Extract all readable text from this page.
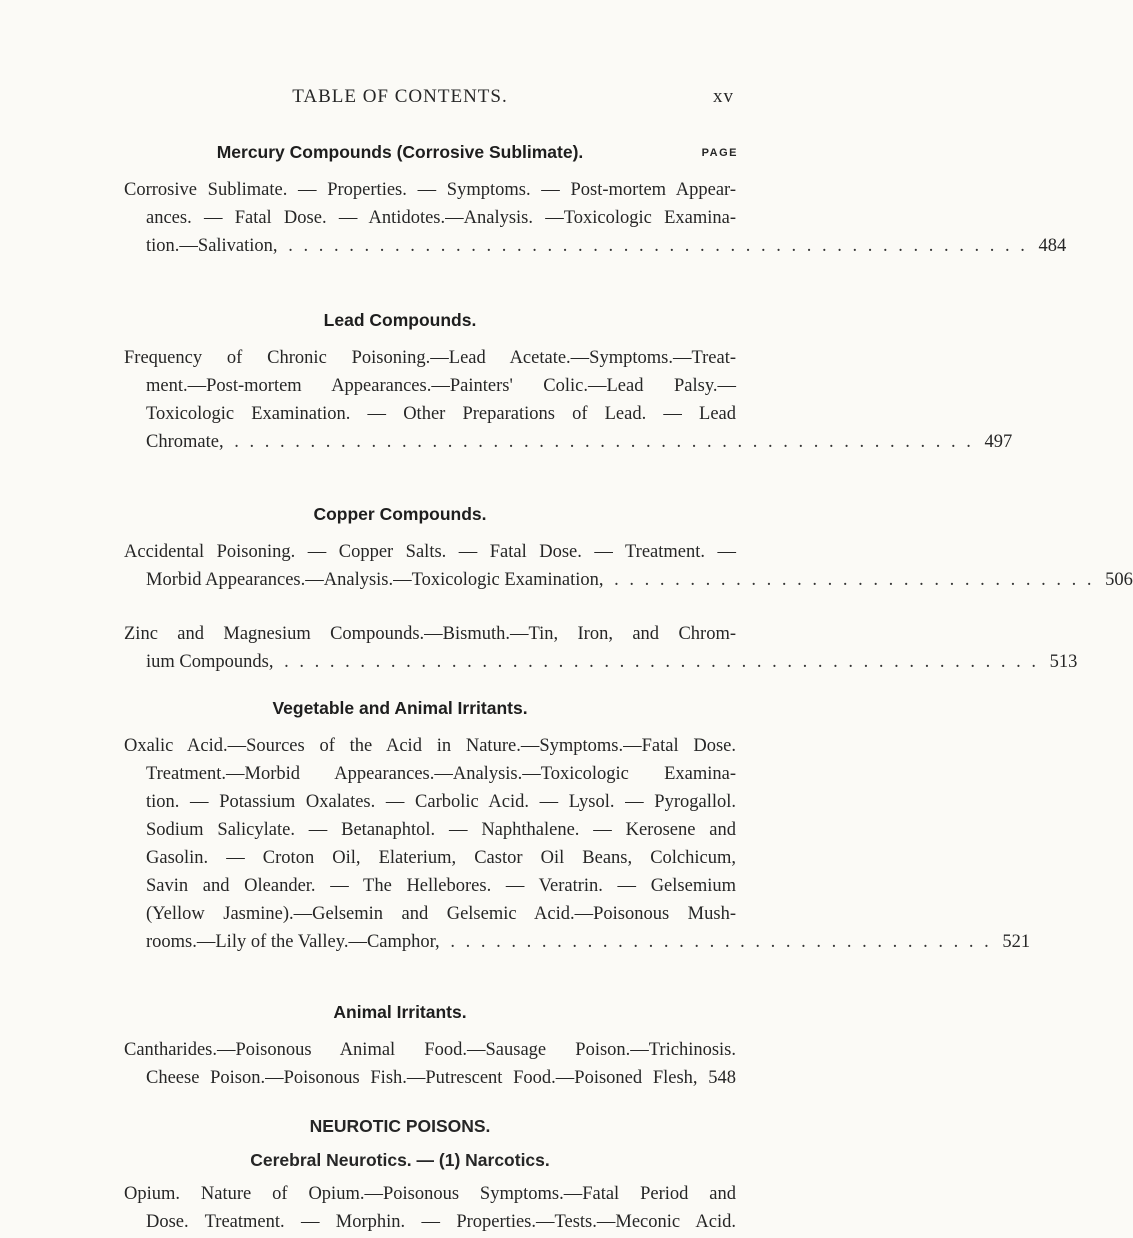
TABLE OF CONTENTS.	xv
Mercury Compounds (Corrosive Sublimate).	PAGE
Corrosive Sublimate. — Properties. — Symptoms. — Post-mortem Appear-
ances. — Fatal Dose. — Antidotes.—Analysis. —Toxicologic Examina-
tion.—Salivation, . . . . . . . . . . . . . . . . . . . . . . . . . . . . . . . . . . . . . . . . . . . . . . . . . 484
Lead Compounds.
Frequency of Chronic Poisoning.—Lead Acetate.—Symptoms.—Treat-
ment.—Post-mortem Appearances.—Painters' Colic.—Lead Palsy.—
Toxicologic Examination. — Other Preparations of Lead. — Lead
Chromate, . . . . . . . . . . . . . . . . . . . . . . . . . . . . . . . . . . . . . . . . . . . . . . . . . 497
Copper Compounds.
Accidental Poisoning. — Copper Salts. — Fatal Dose. — Treatment. —
Morbid Appearances.—Analysis.—Toxicologic Examination, . . . . . . . . . . . . . . . . . . . . . . . . . . . . . . . . 506
Zinc and Magnesium Compounds.—Bismuth.—Tin, Iron, and Chrom-
ium Compounds, . . . . . . . . . . . . . . . . . . . . . . . . . . . . . . . . . . . . . . . . . . . . . . . . . . 513
Vegetable and Animal Irritants.
Oxalic Acid.—Sources of the Acid in Nature.—Symptoms.—Fatal Dose.
Treatment.—Morbid Appearances.—Analysis.—Toxicologic Examina-
tion. — Potassium Oxalates. — Carbolic Acid. — Lysol. — Pyrogallol.
Sodium Salicylate. — Betanaphtol. — Naphthalene. — Kerosene and
Gasolin. — Croton Oil, Elaterium, Castor Oil Beans, Colchicum,
Savin and Oleander. — The Hellebores. — Veratrin. — Gelsemium
(Yellow Jasmine).—Gelsemin and Gelsemic Acid.—Poisonous Mush-
rooms.—Lily of the Valley.—Camphor, . . . . . . . . . . . . . . . . . . . . . . . . . . . . . . . . . . . . 521
Animal Irritants.
Cantharides.—Poisonous Animal Food.—Sausage Poison.—Trichinosis.
Cheese Poison.—Poisonous Fish.—Putrescent Food.—Poisoned Flesh, 548
NEUROTIC POISONS.
Cerebral Neurotics. — (1) Narcotics.
Opium. Nature of Opium.—Poisonous Symptoms.—Fatal Period and
Dose. Treatment. — Morphin. — Properties.—Tests.—Meconic Acid.
